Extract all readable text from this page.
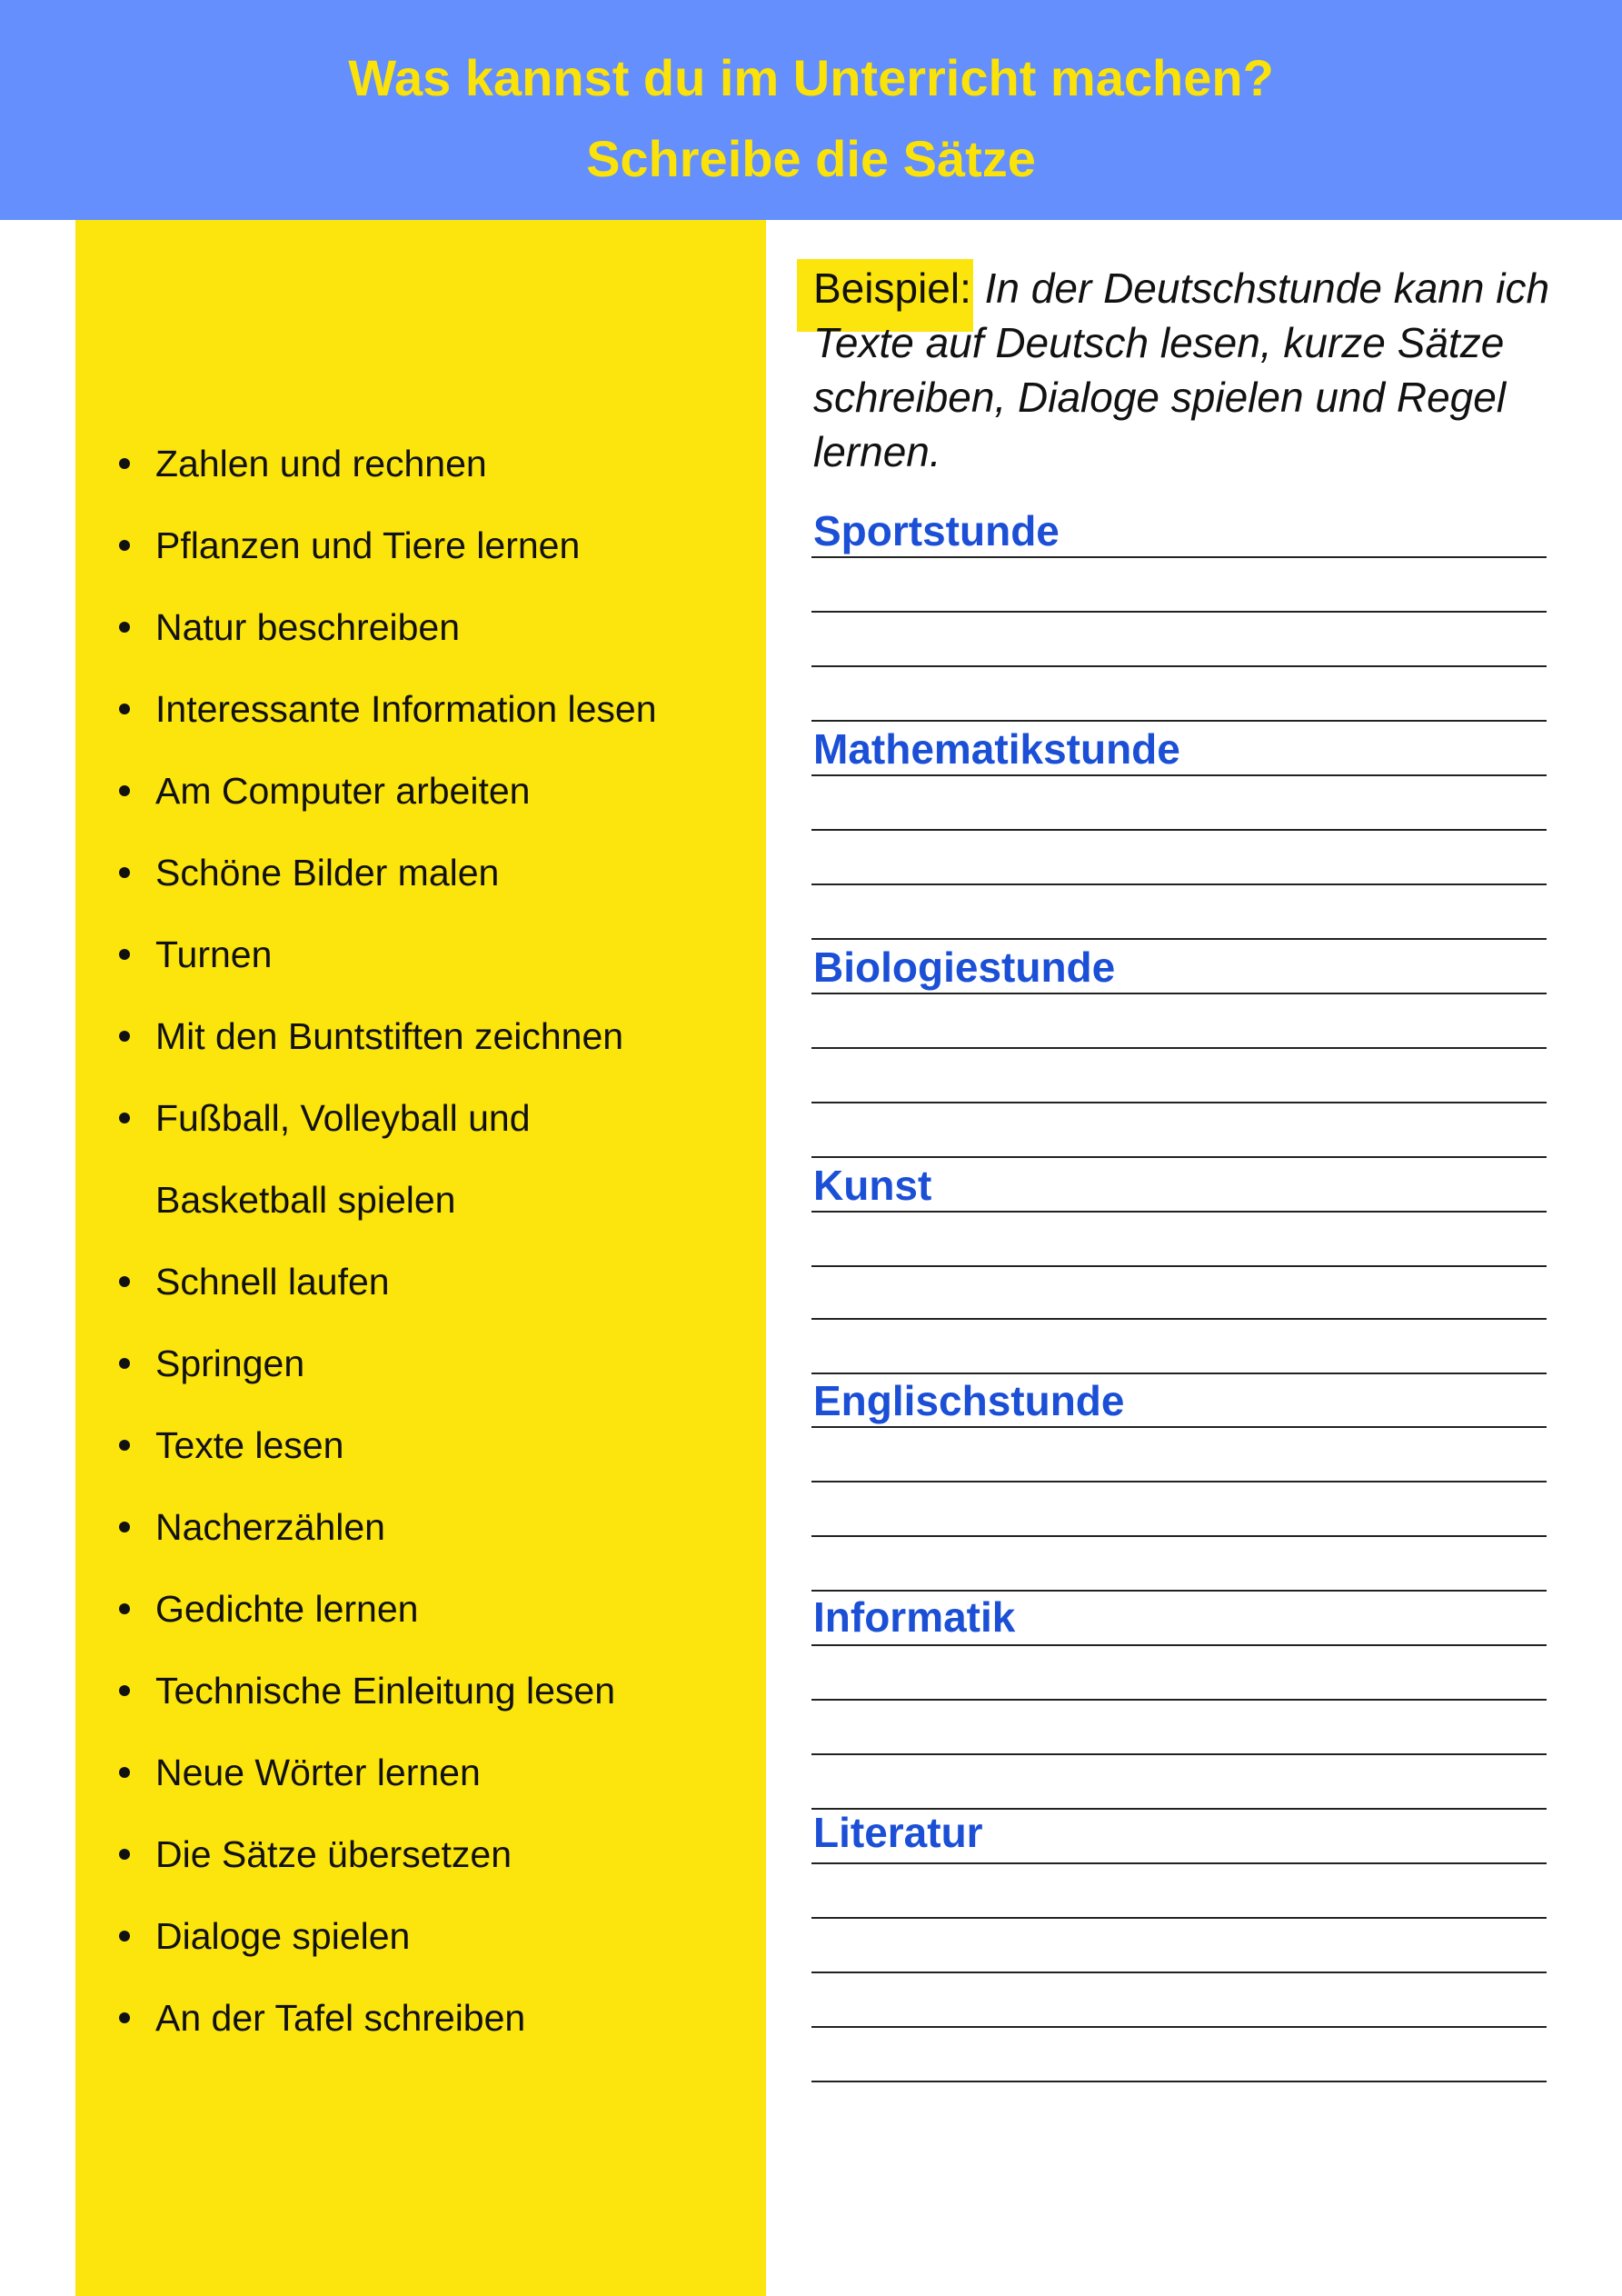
Was kannst du im Unterricht machen?
Schreibe die Sätze
Zahlen und rechnen
Pflanzen und Tiere lernen
Natur beschreiben
Interessante Information lesen
Am Computer arbeiten
Schöne Bilder malen
Turnen
Mit den Buntstiften zeichnen
Fußball, Volleyball und
Basketball spielen
Schnell laufen
Springen
Texte lesen
Nacherzählen
Gedichte lernen
Technische Einleitung lesen
Neue Wörter lernen
Die Sätze übersetzen
Dialoge spielen
An der Tafel schreiben
Beispiel: In der Deutschstunde kann ich Texte auf Deutsch lesen, kurze Sätze schreiben, Dialoge spielen und Regel lernen.
Sportstunde
Mathematikstunde
Biologiestunde
Kunst
Englischstunde
Informatik
Literatur
